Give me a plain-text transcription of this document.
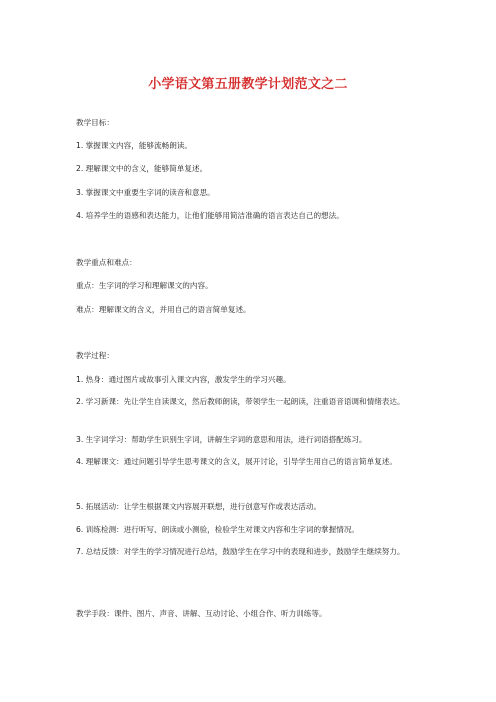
小学语文第五册教学计划范文之二
教学目标：
1. 掌握课文内容，能够流畅朗读。
2. 理解课文中的含义，能够简单复述。
3. 掌握课文中重要生字词的读音和意思。
4. 培养学生的语感和表达能力，让他们能够用简洁准确的语言表达自己的想法。
教学重点和难点：
重点：生字词的学习和理解课文的内容。
难点：理解课文的含义，并用自己的语言简单复述。
教学过程：
1. 热身：通过图片或故事引入课文内容，激发学生的学习兴趣。
2. 学习新课：先让学生自读课文，然后教师朗读，带领学生一起朗读，注重语音语调和情绪表达。
3. 生字词学习：帮助学生识别生字词，讲解生字词的意思和用法，进行词语搭配练习。
4. 理解课文：通过问题引导学生思考课文的含义，展开讨论，引导学生用自己的语言简单复述。
5. 拓展活动：让学生根据课文内容展开联想，进行创意写作或表达活动。
6. 训练检测：进行听写、朗读或小测验，检验学生对课文内容和生字词的掌握情况。
7. 总结反馈：对学生的学习情况进行总结，鼓励学生在学习中的表现和进步，鼓励学生继续努力。
教学手段：课件、图片、声音、讲解、互动讨论、小组合作、听力训练等。
